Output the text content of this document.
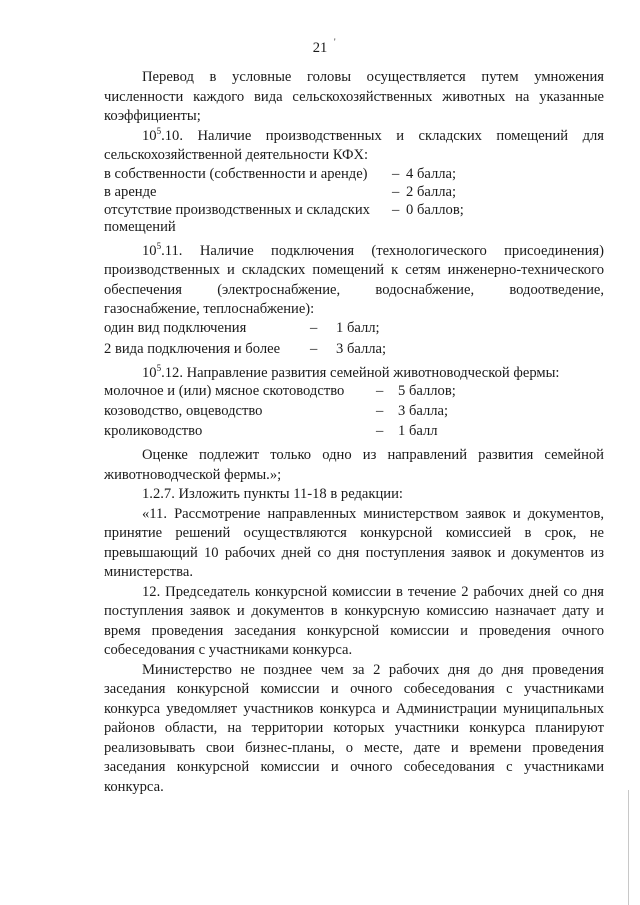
'
21

Перевод в условные головы осуществляется путем умножения численности каждого вида сельскохозяйственных животных на указанные коэффициенты;

$10^5.10$. Наличие производственных и складских помещений для сельскохозяйственной деятельности КФХ:

в собственности (собственности и аренде)	– 4 балла;
в аренде	– 2 балла;
отсутствие производственных и складских помещений
– 0 баллов;

$10^5.11$. Наличие подключения (технологического присоединения) производственных и складских помещений к сетям инженерно-технического обеспечения (электроснабжение, водоснабжение, водоотведение, газоснабжение, теплоснабжение):

один вид подключения	– 1 балл;
2 вида подключения и более	– 3 балла;

$10^5.12$. Направление развития семейной животноводческой фермы:

молочное и (или) мясное скотоводство	– 5 баллов;
козоводство, овцеводство	– 3 балла;
кролиководство	– 1 балл

Оценке подлежит только одно из направлений развития семейной животноводческой фермы.»;

1.2.7. Изложить пункты 11-18 в редакции:

«11. Рассмотрение направленных министерством заявок и документов, принятие решений осуществляются конкурсной комиссией в срок, не превышающий 10 рабочих дней со дня поступления заявок и документов из министерства.

12. Председатель конкурсной комиссии в течение 2 рабочих дней со дня поступления заявок и документов в конкурсную комиссию назначает дату и время проведения заседания конкурсной комиссии и проведения очного собеседования с участниками конкурса.

Министерство не позднее чем за 2 рабочих дня до дня проведения заседания конкурсной комиссии и очного собеседования с участниками конкурса уведомляет участников конкурса и Администрации муниципальных районов области, на территории которых участники конкурса планируют реализовывать свои бизнес-планы, о месте, дате и времени проведения заседания конкурсной комиссии и очного собеседования с участниками конкурса.
